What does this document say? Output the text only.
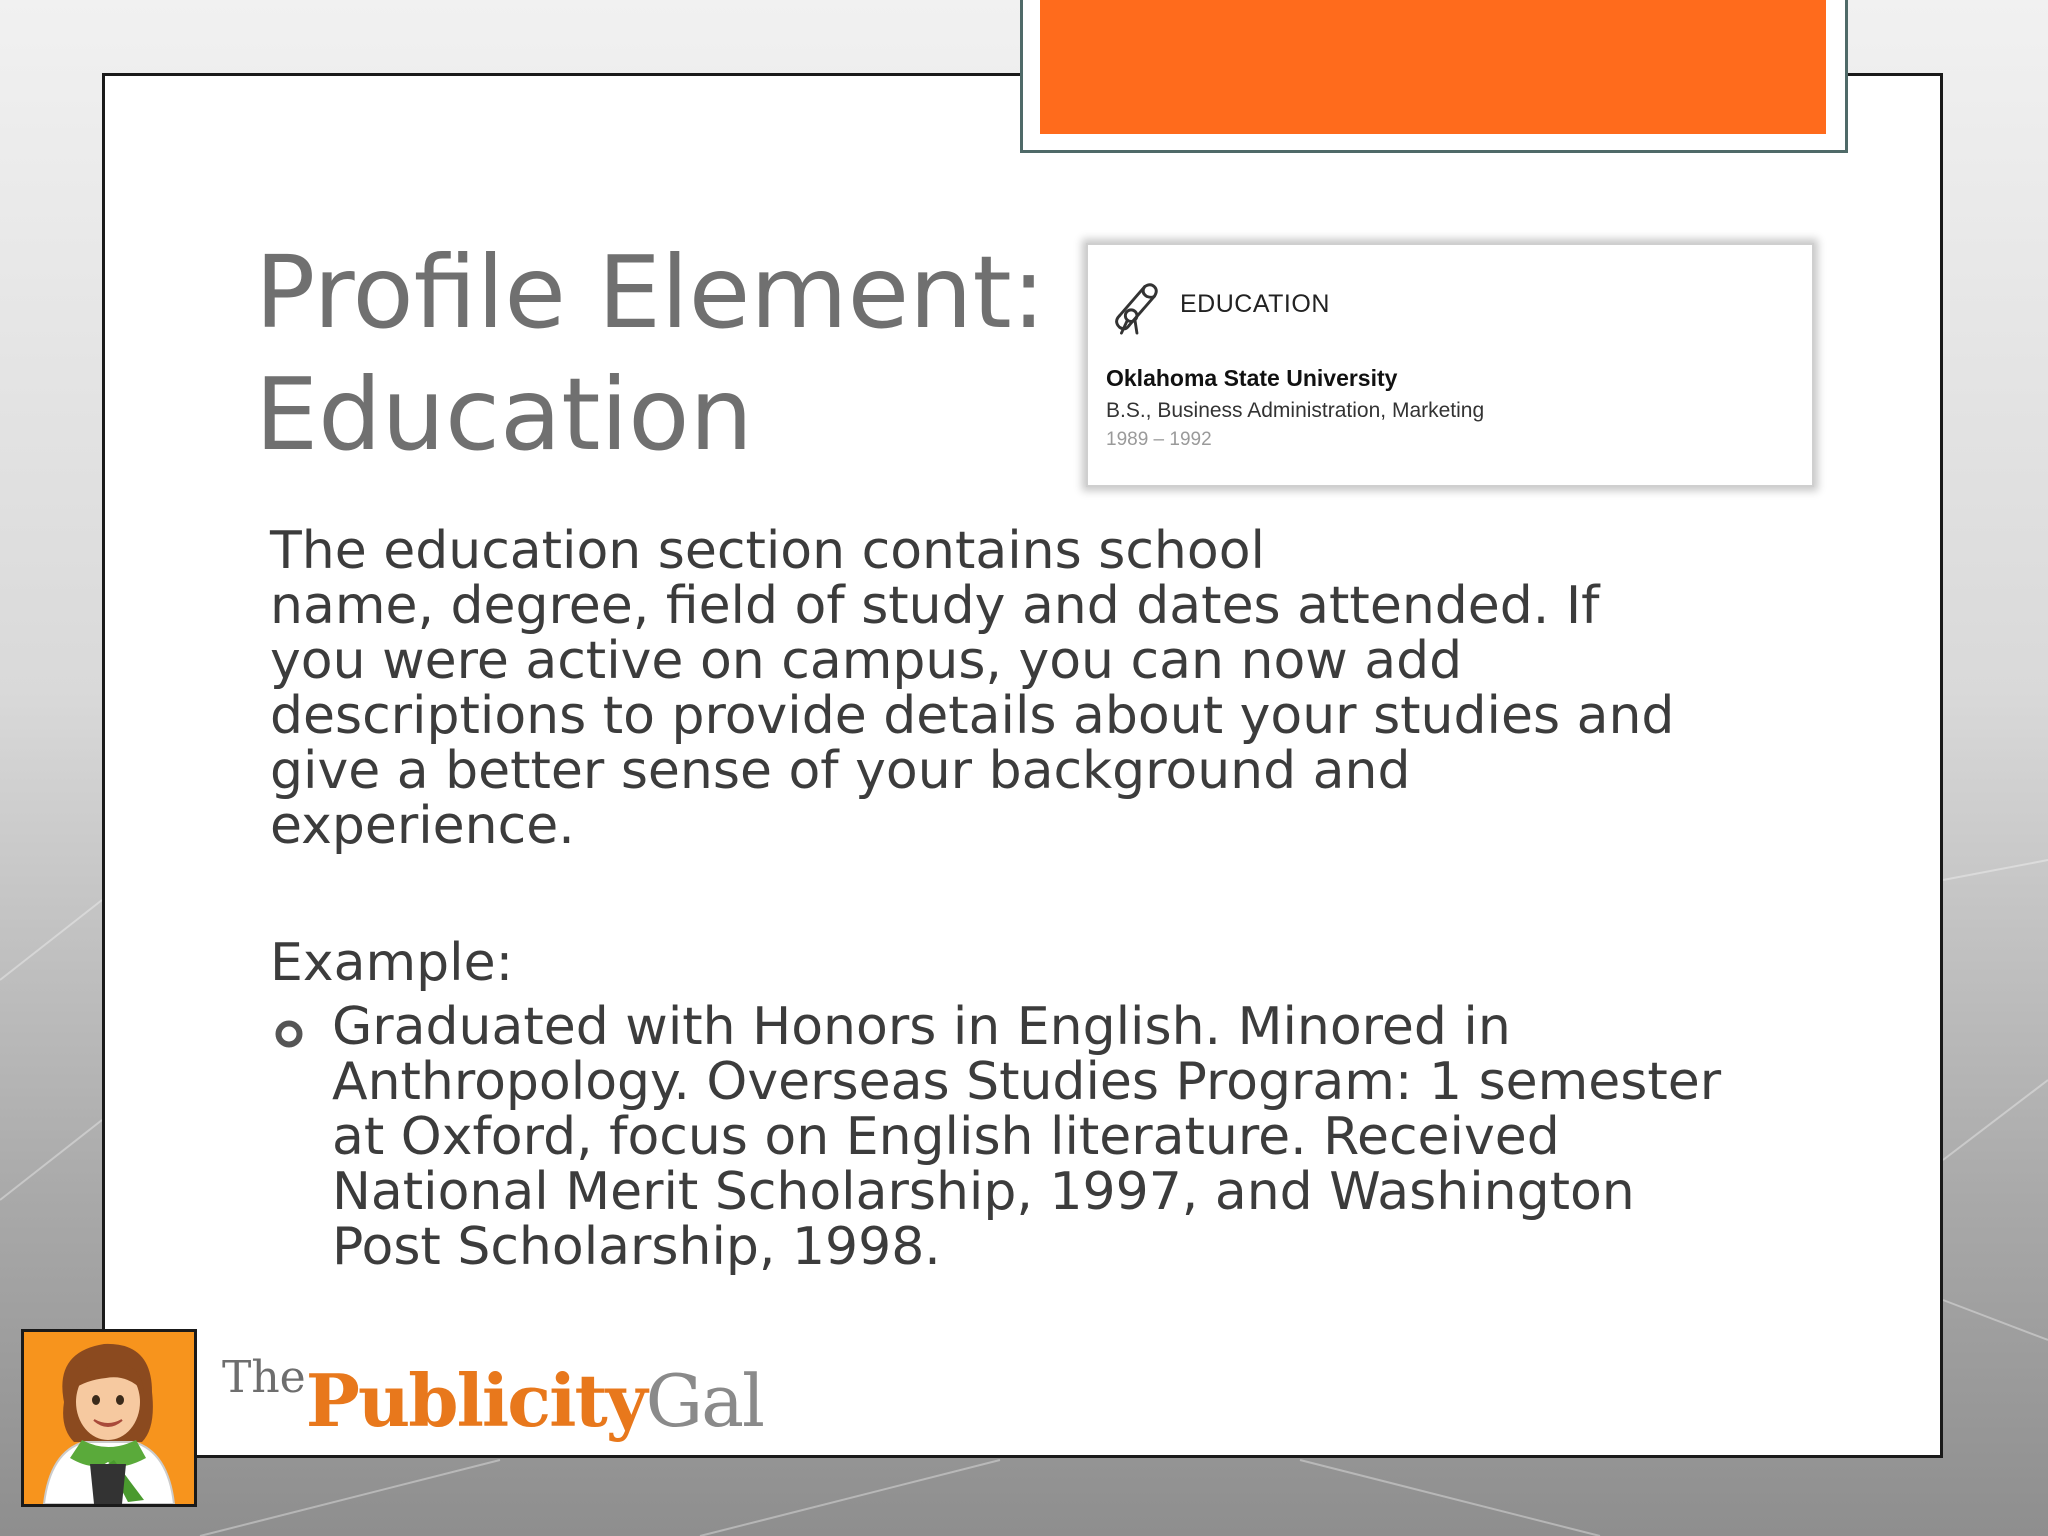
Profile Element:
Education
EDUCATION
Oklahoma State University
B.S., Business Administration, Marketing
1989 – 1992
The education section contains school
name, degree, field of study and dates attended. If
you were active on campus, you can now add
descriptions to provide details about your studies and
give a better sense of your background and
experience.
Example:
Graduated with Honors in English. Minored in
Anthropology. Overseas Studies Program: 1 semester
at Oxford, focus on English literature. Received
National Merit Scholarship, 1997, and Washington
Post Scholarship, 1998.
ThePublicityGal
